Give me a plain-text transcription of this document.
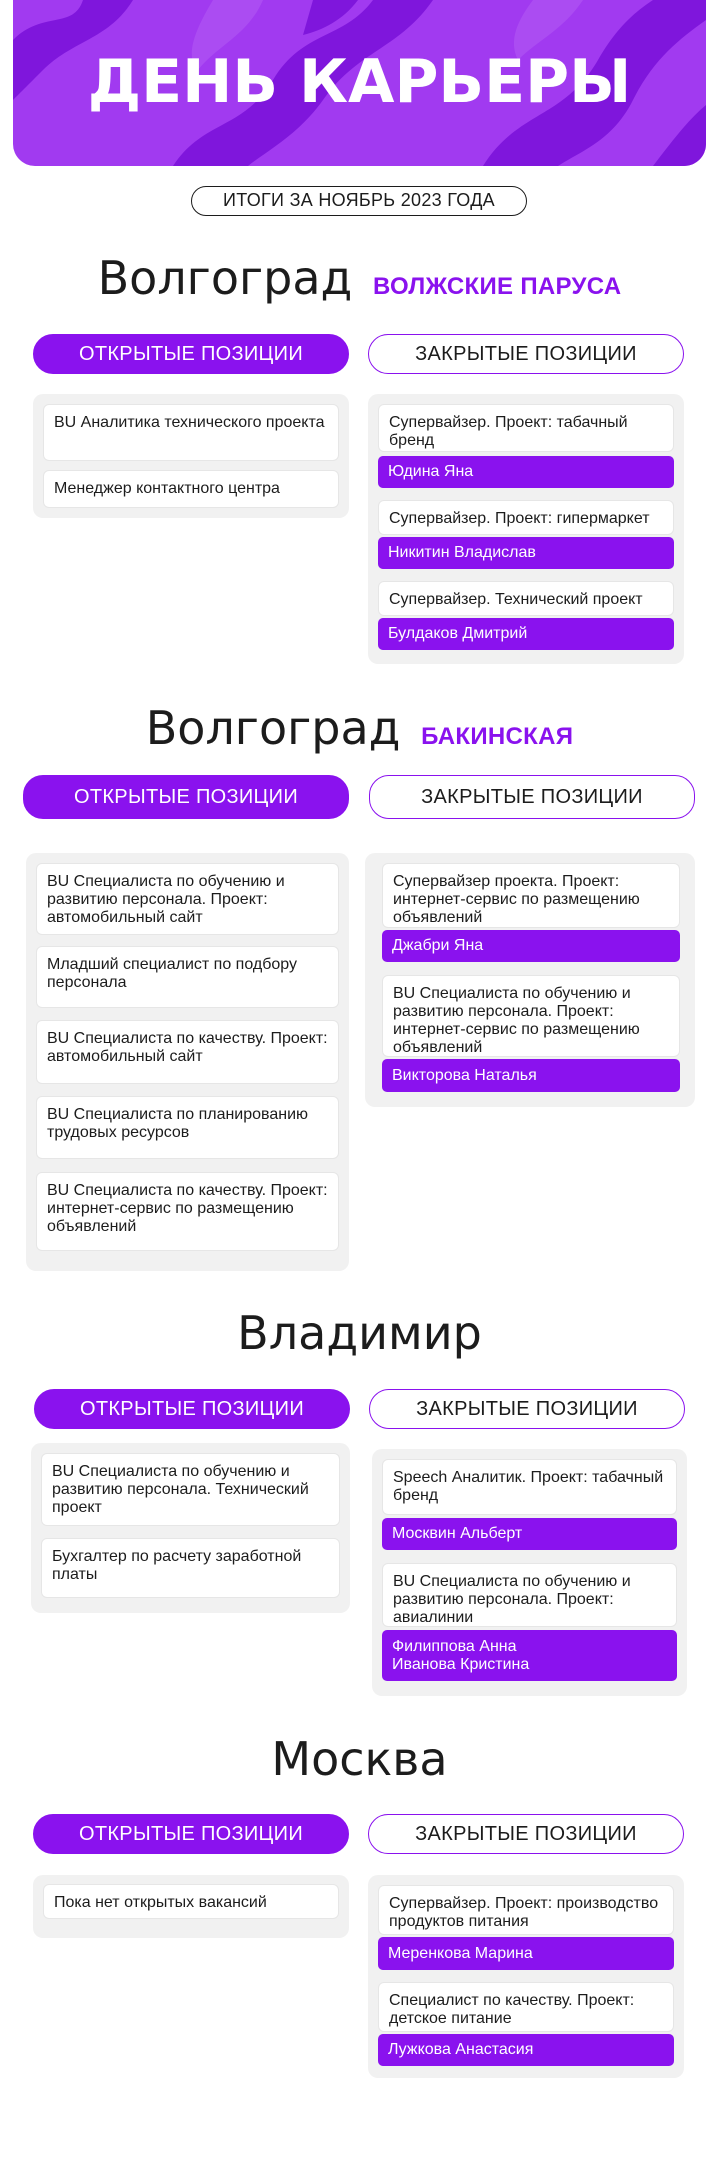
ДЕНЬ КАРЬЕРЫ
ИТОГИ ЗА НОЯБРЬ 2023 ГОДА
Волгоград ВОЛЖСКИЕ ПАРУСА
ОТКРЫТЫЕ ПОЗИЦИИ	ЗАКРЫТЫЕ ПОЗИЦИИ
BU Аналитика технического проекта
Менеджер контактного центра
Супервайзер. Проект: табачный бренд
Юдина Яна
Супервайзер. Проект: гипермаркет
Никитин Владислав
Супервайзер. Технический проект
Булдаков Дмитрий
Волгоград БАКИНСКАЯ
ОТКРЫТЫЕ ПОЗИЦИИ	ЗАКРЫТЫЕ ПОЗИЦИИ
BU Специалиста по обучению и развитию персонала. Проект: автомобильный сайт
Младший специалист по подбору персонала
BU Специалиста по качеству. Проект: автомобильный сайт
BU Специалиста по планированию трудовых ресурсов
BU Специалиста по качеству. Проект: интернет-сервис по размещению объявлений
Супервайзер проекта. Проект: интернет-сервис по размещению объявлений
Джабри Яна
BU Специалиста по обучению и развитию персонала. Проект: интернет-сервис по размещению объявлений
Викторова Наталья
Владимир
ОТКРЫТЫЕ ПОЗИЦИИ	ЗАКРЫТЫЕ ПОЗИЦИИ
BU Специалиста по обучению и развитию персонала. Технический проект
Бухгалтер по расчету заработной платы
Speech Аналитик. Проект: табачный бренд
Москвин Альберт
BU Специалиста по обучению и развитию персонала. Проект: авиалинии
Филиппова Анна
Иванова Кристина
Москва
ОТКРЫТЫЕ ПОЗИЦИИ	ЗАКРЫТЫЕ ПОЗИЦИИ
Пока нет открытых вакансий	Супервайзер. Проект: производство продуктов питания
Меренкова Марина
Специалист по качеству. Проект: детское питание
Лужкова Анастасия
